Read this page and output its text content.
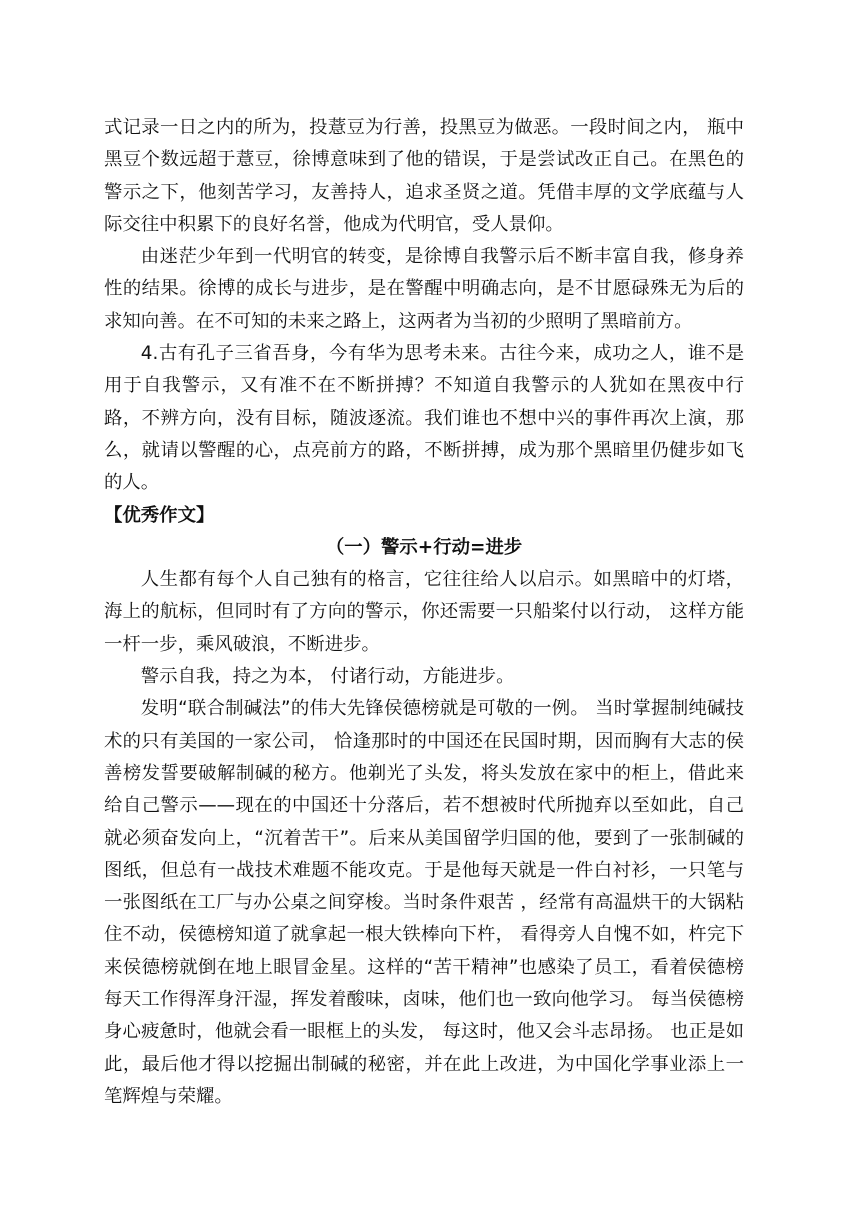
式记录一日之内的所为，投薏豆为行善，投黑豆为做恶。一段时间之内， 瓶中黑豆个数远超于薏豆，徐博意味到了他的错误，于是尝试改正自己。在黑色的警示之下，他刻苦学习，友善持人，追求圣贤之道。凭借丰厚的文学底蕴与人际交往中积累下的良好名誉，他成为代明官，受人景仰。

由迷茫少年到一代明官的转变，是徐博自我警示后不断丰富自我，修身养性的结果。徐博的成长与进步，是在警醒中明确志向，是不甘愿碌殊无为后的求知向善。在不可知的未来之路上，这两者为当初的少照明了黑暗前方。

4.古有孔子三省吾身，今有华为思考未来。古往今来，成功之人，谁不是用于自我警示，又有准不在不断拼搏？不知道自我警示的人犹如在黑夜中行路，不辨方向，没有目标，随波逐流。我们谁也不想中兴的事件再次上演，那么，就请以警醒的心，点亮前方的路，不断拼搏，成为那个黑暗里仍健步如飞的人。

【优秀作文】

（一）警示+行动=进步

人生都有每个人自己独有的格言，它往往给人以启示。如黑暗中的灯塔，海上的航标，但同时有了方向的警示，你还需要一只船桨付以行动， 这样方能一杆一步，乘风破浪，不断进步。

警示自我，持之为本， 付诸行动，方能进步。

发明“联合制碱法”的伟大先锋侯德榜就是可敬的一例。 当时掌握制纯碱技术的只有美国的一家公司， 恰逢那时的中国还在民国时期，因而胸有大志的侯善榜发誓要破解制碱的秘方。他剃光了头发，将头发放在家中的柜上，借此来给自己警示——现在的中国还十分落后，若不想被时代所抛弃以至如此，自己就必须奋发向上，“沉着苦干”。后来从美国留学归国的他，要到了一张制碱的图纸，但总有一战技术难题不能攻克。于是他每天就是一件白衬衫，一只笔与一张图纸在工厂与办公桌之间穿梭。当时条件艰苦 ，经常有高温烘干的大锅粘住不动，侯德榜知道了就拿起一根大铁棒向下杵， 看得旁人自愧不如，杵完下来侯德榜就倒在地上眼冒金星。这样的“苦干精神”也感染了员工，看着侯德榜每天工作得浑身汗湿，挥发着酸味，卤味，他们也一致向他学习。 每当侯德榜身心疲惫时，他就会看一眼框上的头发， 每这时，他又会斗志昂扬。 也正是如此，最后他才得以挖掘出制碱的秘密，并在此上改进，为中国化学事业添上一笔辉煌与荣耀。
